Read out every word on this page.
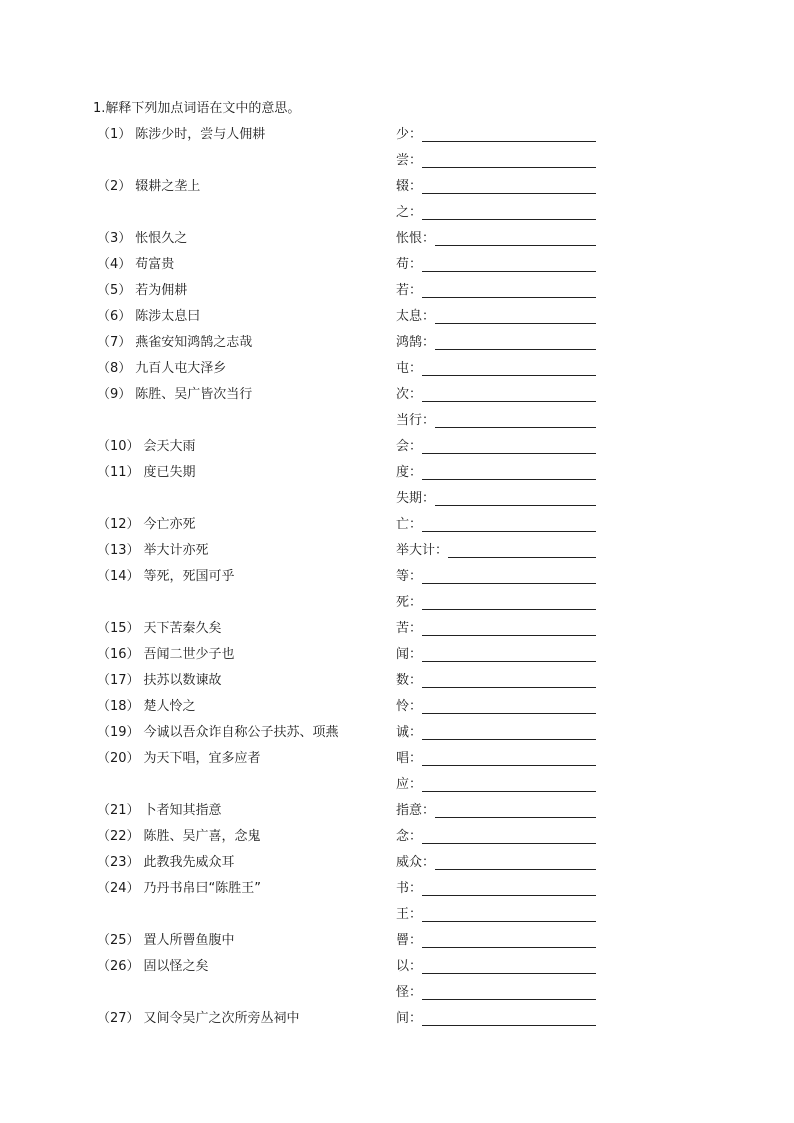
1.解释下列加点词语在文中的意思。
（1） 陈涉少时，尝与人佣耕	少：
尝：
（2） 辍耕之垄上	辍：
之：
（3） 怅恨久之	怅恨：
（4） 苟富贵	苟：
（5） 若为佣耕	若：
（6） 陈涉太息曰	太息：
（7） 燕雀安知鸿鹄之志哉	鸿鹄：
（8） 九百人屯大泽乡	屯：
（9） 陈胜、吴广皆次当行	次：
当行：
（10） 会天大雨	会：
（11） 度已失期	度：
失期：
（12） 今亡亦死	亡：
（13） 举大计亦死	举大计：
（14） 等死，死国可乎	等：
死：
（15） 天下苦秦久矣	苦：
（16） 吾闻二世少子也	闻：
（17） 扶苏以数谏故	数：
（18） 楚人怜之	怜：
（19） 今诚以吾众诈自称公子扶苏、项燕	诚：
（20） 为天下唱，宜多应者	唱：
应：
（21） 卜者知其指意	指意：
（22） 陈胜、吴广喜，念鬼	念：
（23） 此教我先威众耳	威众：
（24） 乃丹书帛曰“陈胜王”	书：
王：
（25） 置人所罾鱼腹中	罾：
（26） 固以怪之矣	以：
怪：
（27） 又间令吴广之次所旁丛祠中	间：
